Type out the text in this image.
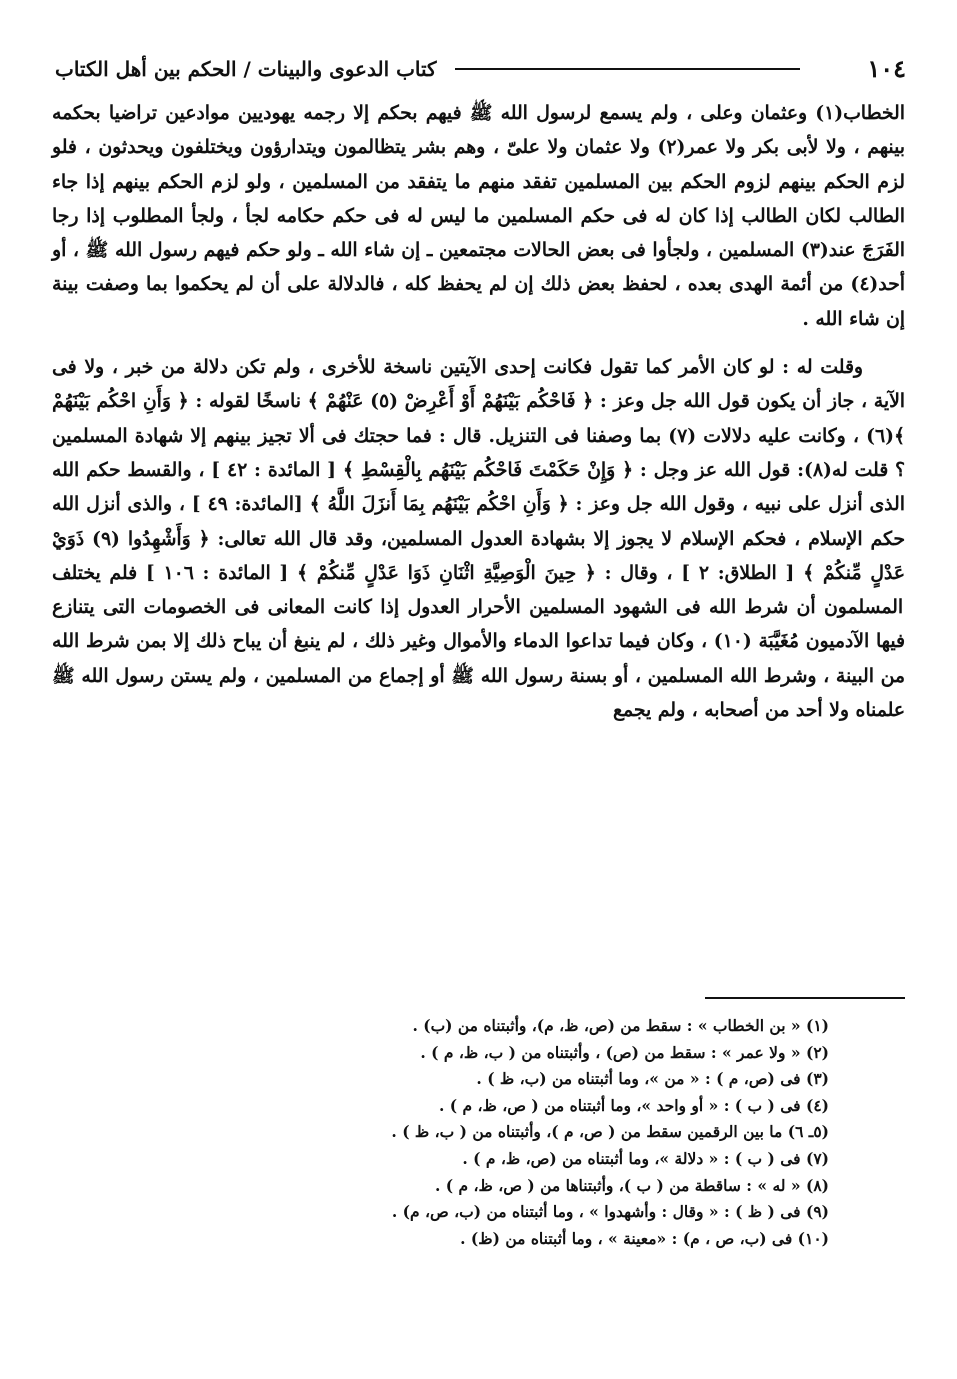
١٠٤
كتاب الدعوى والبينات / الحكم بين أهل الكتاب

الخطاب(١) وعثمان وعلى ، ولم يسمع لرسول الله ﷺ فيهم بحكم إلا رجمه يهوديين موادعين تراضيا بحكمه بينهم ، ولا لأبى بكر ولا عمر(٢) ولا عثمان ولا علىّ ، وهم بشر يتظالمون ويتدارؤون ويختلفون ويحدثون ، فلو لزم الحكم بينهم لزوم الحكم بين المسلمين تفقد منهم ما يتفقد من المسلمين ، ولو لزم الحكم بينهم إذا جاء الطالب لكان الطالب إذا كان له فى حكم المسلمين ما ليس له فى حكم حكامه لجأ ، ولجأ المطلوب إذا رجا الفَرَجَ عند(٣) المسلمين ، ولجأوا فى بعض الحالات مجتمعين ـ إن شاء الله ـ ولو حكم فيهم رسول الله ﷺ ، أو أحد(٤) من أئمة الهدى بعده ، لحفظ بعض ذلك إن لم يحفظ كله ، فالدلالة على أن لم يحكموا بما وصفت بينة إن شاء الله .

وقلت له : لو كان الأمر كما تقول فكانت إحدى الآيتين ناسخة للأخرى ، ولم تكن دلالة من خبر ، ولا فى الآية ، جاز أن يكون قول الله جل وعز : ﴿ فَاحْكُم بَيْنَهُمْ أَوْ أَعْرِضْ (٥) عَنْهُمْ ﴾ ناسخًا لقوله : ﴿ وَأَنِ احْكُم بَيْنَهُمْ ﴾(٦) ، وكانت عليه دلالات (٧) بما وصفنا فى التنزيل. قال : فما حجتك فى ألا تجيز بينهم إلا شهادة المسلمين ؟ قلت له(٨): قول الله عز وجل : ﴿ وَإِنْ حَكَمْتَ فَاحْكُم بَيْنَهُم بِالْقِسْطِ ﴾ [ المائدة : ٤٢ ] ، والقسط حكم الله الذى أنزل على نبيه ، وقول الله جل وعز : ﴿ وَأَنِ احْكُم بَيْنَهُم بِمَا أَنزَلَ اللَّهُ ﴾ [المائدة: ٤٩ ] ، والذى أنزل الله حكم الإسلام ، فحكم الإسلام لا يجوز إلا بشهادة العدول المسلمين، وقد قال الله تعالى: ﴿ وَأَشْهِدُوا (٩) ذَوَيْ عَدْلٍ مِّنكُمْ ﴾ [ الطلاق: ٢ ] ، وقال : ﴿ حِينَ الْوَصِيَّةِ اثْنَانِ ذَوَا عَدْلٍ مِّنكُمْ ﴾ [ المائدة : ١٠٦ ] فلم يختلف المسلمون أن شرط الله فى الشهود المسلمين الأحرار العدول إذا كانت المعانى فى الخصومات التى يتنازع فيها الآدميون مُغَيَّبَة (١٠) ، وكان فيما تداعوا الدماء والأموال وغير ذلك ، لم ينبغ أن يباح ذلك إلا بمن شرط الله من البينة ، وشرط الله المسلمين ، أو بسنة رسول الله ﷺ أو إجماع من المسلمين ، ولم يستن رسول الله ﷺ علمناه ولا أحد من أصحابه ، ولم يجمع

(١) « بن الخطاب » : سقط من (ص، ظ، م)، وأثبتناه من (ب) .
(٢) « ولا عمر » : سقط من (ص) ، وأثبتناه من ( ب، ظ، م ) .
(٣) فى (ص، م ) : « من »، وما أثبتناه من (ب، ظ ) .
(٤) فى ( ب ) : « أو واحد »، وما أثبتناه من ( ص، ظ، م ) .
(٥ـ ٦) ما بين الرقمين سقط من ( ص، م )، وأثبتناه من ( ب، ظ ) .
(٧) فى ( ب ) : « دلالة »، وما أثبتناه من (ص، ظ، م ) .
(٨) « له » : ساقطة من ( ب )، وأثبتناها من ( ص، ظ، م ) .
(٩) فى ( ظ ) : « وقال : وأشهدوا » ، وما أثبتناه من (ب، ص، م) .
(١٠) فى (ب، ص ، م) : «معينة » ، وما أثبتناه من (ظ) .
